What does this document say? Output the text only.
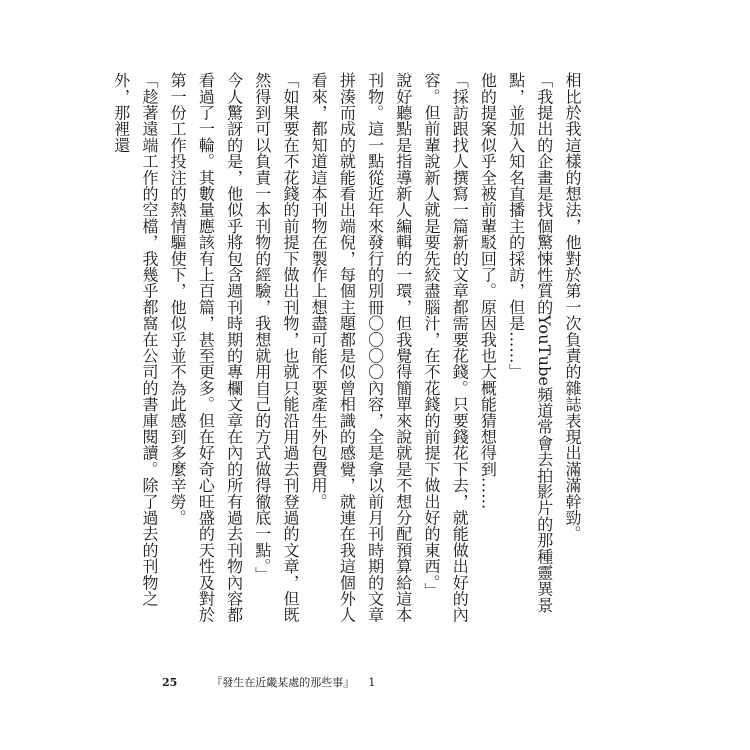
相比於我這樣的想法，他對於第一次負責的雜誌表現出滿滿幹勁。

「我提出的企畫是找個驚悚性質的YouTube頻道常會去拍影片的那種靈異景點，並加入知名直播主的採訪，但是……」

他的提案似乎全被前輩駁回了。原因我也大概能猜想得到……

「採訪跟找人撰寫一篇新的文章都需要花錢。只要錢花下去，就能做出好的內容。但前輩說新人就是要先絞盡腦汁，在不花錢的前提下做出好的東西。」

說好聽點是指導新人編輯的一環，但我覺得簡單來說就是不想分配預算給這本刊物。這一點從近年來發行的別冊〇〇〇〇內容，全是拿以前月刊時期的文章拼湊而成的就能看出端倪，每個主題都是似曾相識的感覺，就連在我這個外人看來，都知道這本刊物在製作上想盡可能不要產生外包費用。

「如果要在不花錢的前提下做出刊物，也就只能沿用過去刊登過的文章，但既然得到可以負責一本刊物的經驗，我想就用自己的方式做得徹底一點。」

今人驚訝的是，他似乎將包含週刊時期的專欄文章在內的所有過去刊物內容都看過了一輪。其數量應該有上百篇，甚至更多。但在好奇心旺盛的天性及對於第一份工作投注的熱情驅使下，他似乎並不為此感到多麼辛勞。

「趁著遠端工作的空檔，我幾乎都窩在公司的書庫閱讀。除了過去的刊物之外，那裡還

25	『發生在近畿某處的那些事』 1
